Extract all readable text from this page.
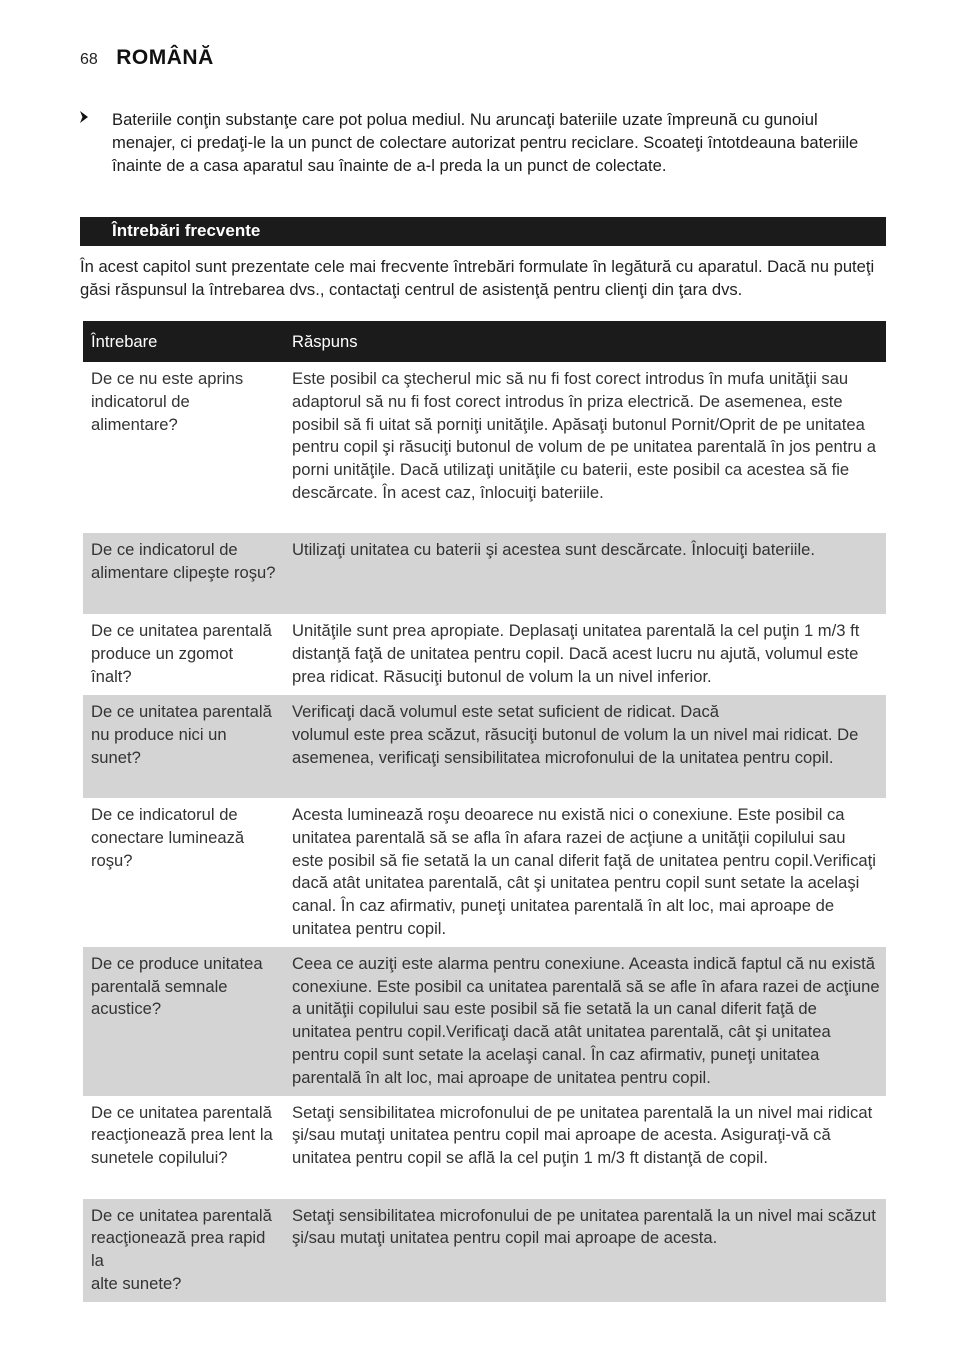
68 ROMÂNĂ
Bateriile conţin substanţe care pot polua mediul. Nu aruncaţi bateriile uzate împreună cu gunoiul menajer, ci predaţi-le la un punct de colectare autorizat pentru reciclare. Scoateţi întotdeauna bateriile înainte de a casa aparatul sau înainte de a-l preda la un punct de colectate.
Întrebări frecvente
În acest capitol sunt prezentate cele mai frecvente întrebări formulate în legătură cu aparatul. Dacă nu puteţi găsi răspunsul la întrebarea dvs., contactaţi centrul de asistenţă pentru clienţi din ţara dvs.
Întrebare	Răspuns
De ce nu este aprins indicatorul de alimentare?	Este posibil ca ştecherul mic să nu fi fost corect introdus în mufa unităţii sau adaptorul să nu fi fost corect introdus în priza electrică. De asemenea, este posibil să fi uitat să porniţi unităţile. Apăsaţi butonul Pornit/Oprit de pe unitatea pentru copil şi răsuciţi butonul de volum de pe unitatea parentală în jos pentru a porni unităţile. Dacă utilizaţi unităţile cu baterii, este posibil ca acestea să fie descărcate. În acest caz, înlocuiţi bateriile.
De ce indicatorul de alimentare clipeşte roşu?	Utilizaţi unitatea cu baterii şi acestea sunt descărcate. Înlocuiţi bateriile.
De ce unitatea parentală produce un zgomot înalt?	Unităţile sunt prea apropiate. Deplasaţi unitatea parentală la cel puţin 1 m/3 ft distanţă faţă de unitatea pentru copil. Dacă acest lucru nu ajută, volumul este prea ridicat. Răsuciţi butonul de volum la un nivel inferior.
De ce unitatea parentală nu produce nici un sunet?	Verificaţi dacă volumul este setat suficient de ridicat. Dacă
volumul este prea scăzut, răsuciţi butonul de volum la un nivel mai ridicat. De asemenea, verificaţi sensibilitatea microfonului de la unitatea pentru copil.
De ce indicatorul de conectare luminează roşu?	Acesta luminează roşu deoarece nu există nici o conexiune. Este posibil ca unitatea parentală să se afla în afara razei de acţiune a unităţii copilului sau este posibil să fie setată la un canal diferit faţă de unitatea pentru copil.Verificaţi dacă atât unitatea parentală, cât şi unitatea pentru copil sunt setate la acelaşi canal. În caz afirmativ, puneţi unitatea parentală în alt loc, mai aproape de unitatea pentru copil.
De ce produce unitatea parentală semnale acustice?	Ceea ce auziţi este alarma pentru conexiune. Aceasta indică faptul că nu există conexiune. Este posibil ca unitatea parentală să se afle în afara razei de acţiune a unităţii copilului sau este posibil să fie setată la un canal diferit faţă de unitatea pentru copil.Verificaţi dacă atât unitatea parentală, cât şi unitatea pentru copil sunt setate la acelaşi canal. În caz afirmativ, puneţi unitatea parentală în alt loc, mai aproape de unitatea pentru copil.
De ce unitatea parentală reacţionează prea lent la sunetele copilului?	Setaţi sensibilitatea microfonului de pe unitatea parentală la un nivel mai ridicat şi/sau mutaţi unitatea pentru copil mai aproape de acesta. Asiguraţi-vă că unitatea pentru copil se află la cel puţin 1 m/3 ft distanţă de copil.
De ce unitatea parentală reacţionează prea rapid la
alte sunete?	Setaţi sensibilitatea microfonului de pe unitatea parentală la un nivel mai scăzut şi/sau mutaţi unitatea pentru copil mai aproape de acesta.
